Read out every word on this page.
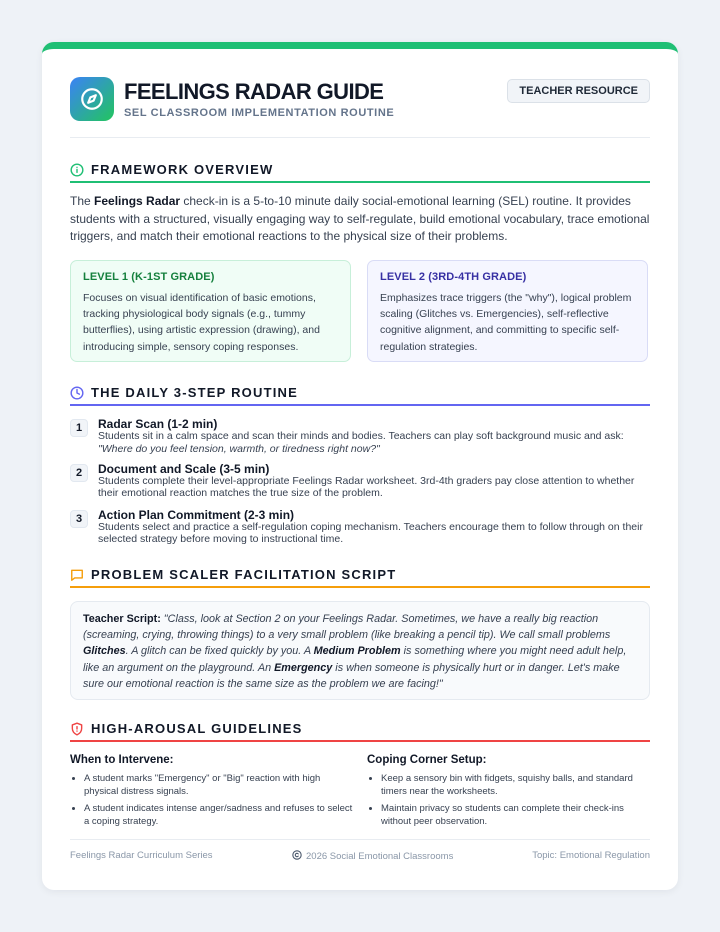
FEELINGS RADAR GUIDE
SEL CLASSROOM IMPLEMENTATION ROUTINE
TEACHER RESOURCE
FRAMEWORK OVERVIEW

The Feelings Radar check-in is a 5-to-10 minute daily social-emotional learning (SEL) routine. It provides students with a structured, visually engaging way to self-regulate, build emotional vocabulary, trace emotional triggers, and match their emotional reactions to the physical size of their problems.

LEVEL 1 (K-1ST GRADE)
Focuses on visual identification of basic emotions, tracking physiological body signals (e.g., tummy butterflies), using artistic expression (drawing), and introducing simple, sensory coping responses.
LEVEL 2 (3RD-4TH GRADE)
Emphasizes trace triggers (the "why"), logical problem scaling (Glitches vs. Emergencies), self-reflective cognitive alignment, and committing to specific self-regulation strategies.
THE DAILY 3-STEP ROUTINE
1	Radar Scan (1-2 min)
Students sit in a calm space and scan their minds and bodies. Teachers can play soft background music and ask:
"Where do you feel tension, warmth, or tiredness right now?"
2	Document and Scale (3-5 min)
Students complete their level-appropriate Feelings Radar worksheet. 3rd-4th graders pay close attention to whether their emotional reaction matches the true size of the problem.
3	Action Plan Commitment (2-3 min)
Students select and practice a self-regulation coping mechanism. Teachers encourage them to follow through on their selected strategy before moving to instructional time.
PROBLEM SCALER FACILITATION SCRIPT
Teacher Script: "Class, look at Section 2 on your Feelings Radar. Sometimes, we have a really big reaction (screaming, crying, throwing things) to a very small problem (like breaking a pencil tip). We call small problems Glitches. A glitch can be fixed quickly by you. A Medium Problem is something where you might need adult help, like an argument on the playground. An Emergency is when someone is physically hurt or in danger. Let's make sure our emotional reaction is the same size as the problem we are facing!"
HIGH-AROUSAL GUIDELINES
When to Intervene:
• A student marks "Emergency" or "Big" reaction with high physical distress signals.
• A student indicates intense anger/sadness and refuses to select a coping strategy.
Coping Corner Setup:
• Keep a sensory bin with fidgets, squishy balls, and standard timers near the worksheets.
• Maintain privacy so students can complete their check-ins without peer observation.
Feelings Radar Curriculum Series	2026 Social Emotional Classrooms	Topic: Emotional Regulation
